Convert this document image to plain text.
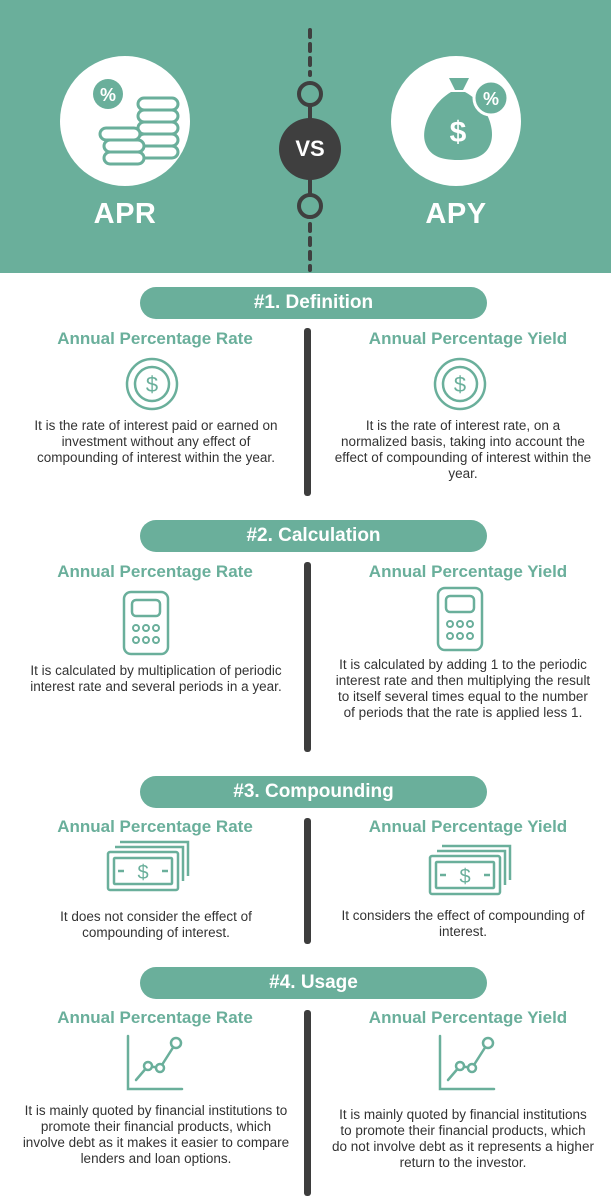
%
APR
VS	$
%
APY
#1. Definition
Annual Percentage Rate
$
It is the rate of interest paid or earned on investment without any effect of compounding of interest within the year.
Annual Percentage Yield
$
It is the rate of interest rate, on a normalized basis, taking into account the effect of compounding of interest within the year.
#2. Calculation
Annual Percentage Rate
It is calculated by multiplication of periodic interest rate and several periods in a year.
Annual Percentage Yield
It is calculated by adding 1 to the periodic interest rate and then multiplying the result to itself several times equal to the number of periods that the rate is applied less 1.
#3. Compounding
Annual Percentage Rate
$
It does not consider the effect of compounding of interest.
Annual Percentage Yield
$
It considers the effect of compounding of interest.
#4. Usage
Annual Percentage Rate
It is mainly quoted by financial institutions to promote their financial products, which involve debt as it makes it easier to compare lenders and loan options.
Annual Percentage Yield
It is mainly quoted by financial institutions to promote their financial products, which do not involve debt as it represents a higher return to the investor.
